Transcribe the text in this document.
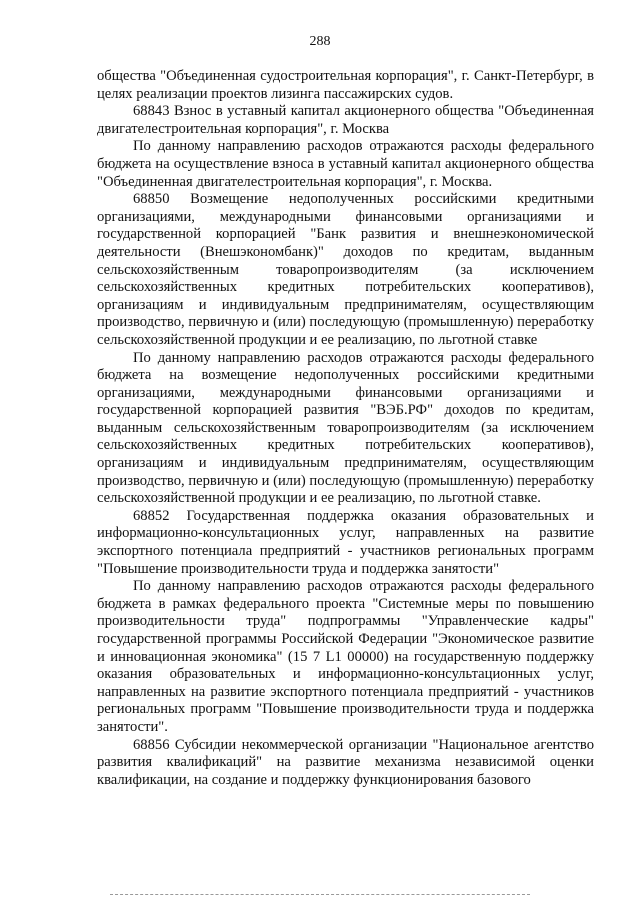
288

общества "Объединенная судостроительная корпорация", г. Санкт-Петербург, в целях реализации проектов лизинга пассажирских судов.

68843 Взнос в уставный капитал акционерного общества "Объединенная двигателестроительная корпорация", г. Москва

По данному направлению расходов отражаются расходы федерального бюджета на осуществление взноса в уставный капитал акционерного общества "Объединенная двигателестроительная корпорация", г. Москва.

68850 Возмещение недополученных российскими кредитными организациями, международными финансовыми организациями и государственной корпорацией "Банк развития и внешнеэкономической деятельности (Внешэкономбанк)" доходов по кредитам, выданным сельскохозяйственным товаропроизводителям (за исключением сельскохозяйственных кредитных потребительских кооперативов), организациям и индивидуальным предпринимателям, осуществляющим производство, первичную и (или) последующую (промышленную) переработку сельскохозяйственной продукции и ее реализацию, по льготной ставке

По данному направлению расходов отражаются расходы федерального бюджета на возмещение недополученных российскими кредитными организациями, международными финансовыми организациями и государственной корпорацией развития "ВЭБ.РФ" доходов по кредитам, выданным сельскохозяйственным товаропроизводителям (за исключением сельскохозяйственных кредитных потребительских кооперативов), организациям и индивидуальным предпринимателям, осуществляющим производство, первичную и (или) последующую (промышленную) переработку сельскохозяйственной продукции и ее реализацию, по льготной ставке.

68852 Государственная поддержка оказания образовательных и информационно-консультационных услуг, направленных на развитие экспортного потенциала предприятий - участников региональных программ "Повышение производительности труда и поддержка занятости"

По данному направлению расходов отражаются расходы федерального бюджета в рамках федерального проекта "Системные меры по повышению производительности труда" подпрограммы "Управленческие кадры" государственной программы Российской Федерации "Экономическое развитие и инновационная экономика" (15 7 L1 00000) на государственную поддержку оказания образовательных и информационно-консультационных услуг, направленных на развитие экспортного потенциала предприятий - участников региональных программ "Повышение производительности труда и поддержка занятости".

68856 Субсидии некоммерческой организации "Национальное агентство развития квалификаций" на развитие механизма независимой оценки квалификации, на создание и поддержку функционирования базового
